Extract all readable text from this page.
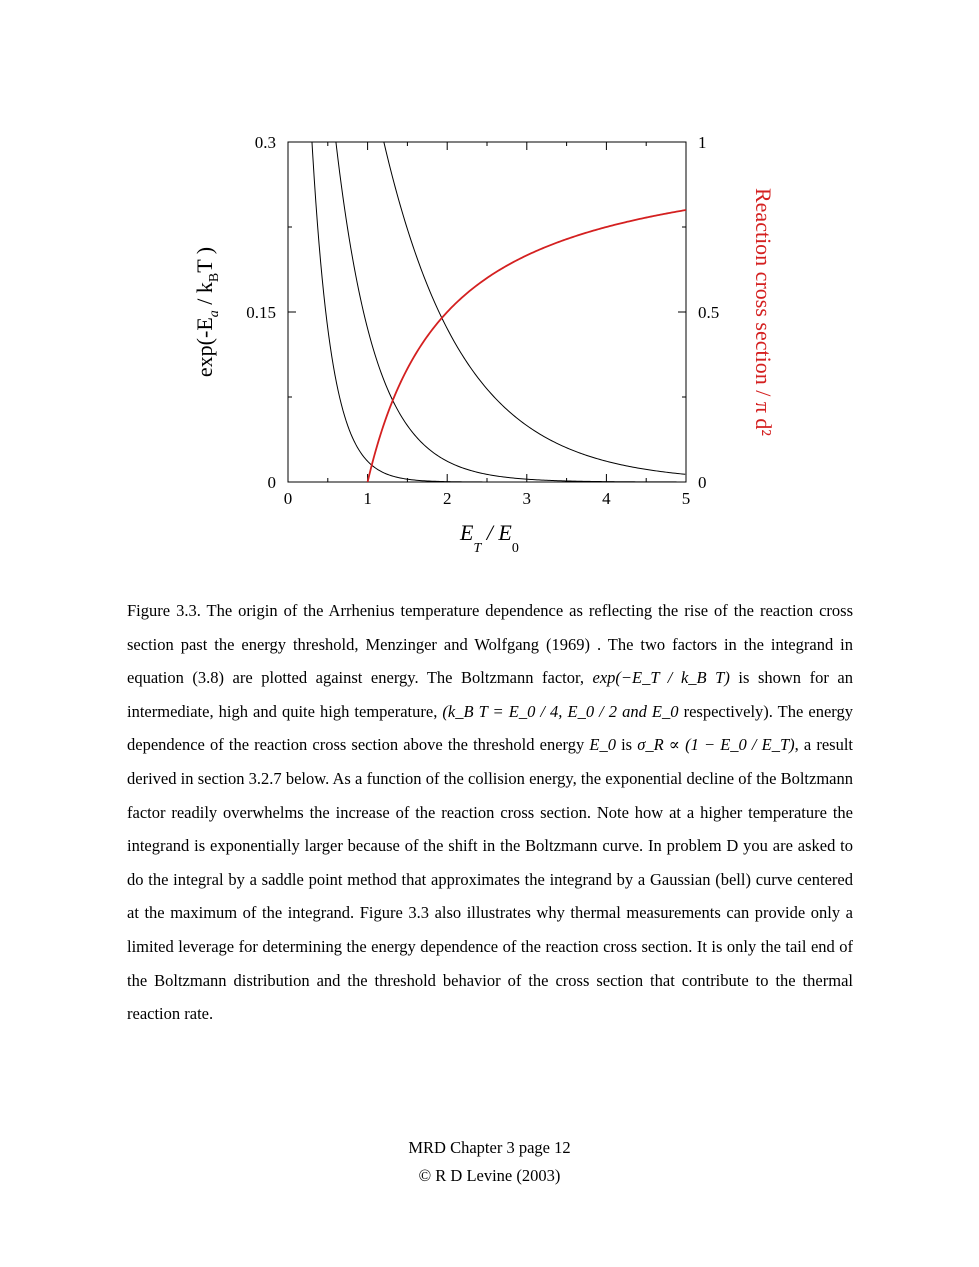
0	1	2	3	4	5
0
0.15
0.3
0
0.5
1
$E_T / E_0$
$\exp(-E_a / k_BT$ )	Reaction cross section / π d²

Figure 3.3. The origin of the Arrhenius temperature dependence as reflecting the rise of the reaction cross section past the energy threshold, Menzinger and Wolfgang (1969) . The two factors in the integrand in equation (3.8) are plotted against energy. The Boltzmann factor, exp(−E_T / k_B T) is shown for an intermediate, high and quite high temperature, (k_B T = E_0 / 4, E_0 / 2 and E_0 respectively). The energy dependence of the reaction cross section above the threshold energy E_0 is σ_R ∝ (1 − E_0 / E_T), a result derived in section 3.2.7 below. As a function of the collision energy, the exponential decline of the Boltzmann factor readily overwhelms the increase of the reaction cross section. Note how at a higher temperature the integrand is exponentially larger because of the shift in the Boltzmann curve. In problem D you are asked to do the integral by a saddle point method that approximates the integrand by a Gaussian (bell) curve centered at the maximum of the integrand. Figure 3.3 also illustrates why thermal measurements can provide only a limited leverage for determining the energy dependence of the reaction cross section. It is only the tail end of the Boltzmann distribution and the threshold behavior of the cross section that contribute to the thermal reaction rate.

MRD Chapter 3 page 12
© R D Levine (2003)
